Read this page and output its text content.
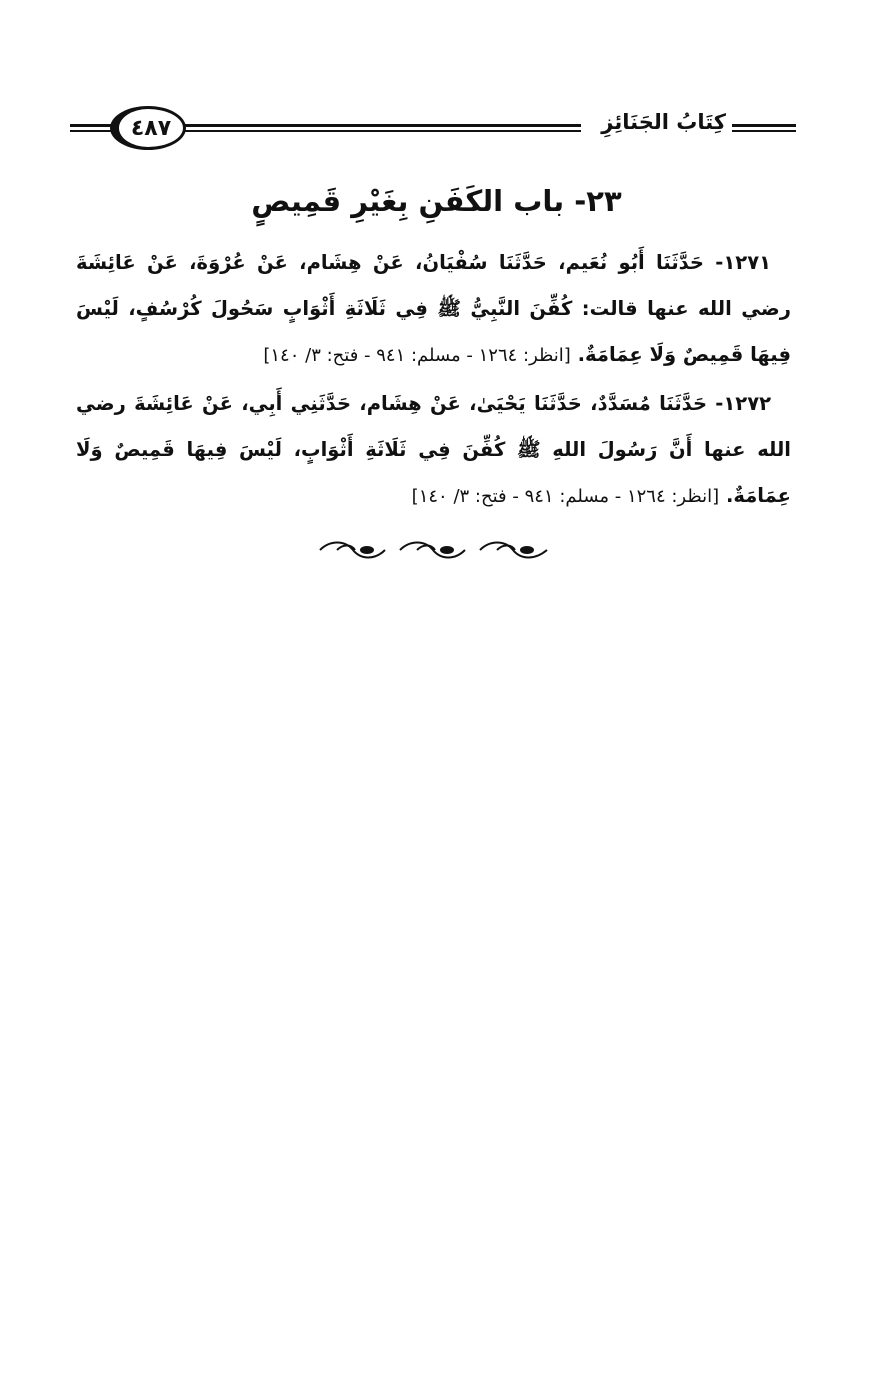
كِتَابُ الجَنَائِزِ
٤٨٧
٢٣- باب الكَفَنِ بِغَيْرِ قَمِيصٍ

١٢٧١- حَدَّثَنَا أَبُو نُعَيم، حَدَّثَنَا سُفْيَانُ، عَنْ هِشَام، عَنْ عُرْوَةَ، عَنْ عَائِشَةَ رضي الله عنها قالت: كُفِّنَ النَّبِيُّ ﷺ فِي ثَلَاثَةِ أَثْوَابٍ سَحُولَ كُرْسُفٍ، لَيْسَ فِيهَا قَمِيصٌ وَلَا عِمَامَةٌ. [انظر: ١٢٦٤ - مسلم: ٩٤١ - فتح: ٣/ ١٤٠]

١٢٧٢- حَدَّثَنَا مُسَدَّدٌ، حَدَّثَنَا يَحْيَىٰ، عَنْ هِشَام، حَدَّثَنِي أَبِي، عَنْ عَائِشَةَ رضي الله عنها أَنَّ رَسُولَ اللهِ ﷺ كُفِّنَ فِي ثَلَاثَةِ أَثْوَابٍ، لَيْسَ فِيهَا قَمِيصٌ وَلَا عِمَامَةٌ. [انظر: ١٢٦٤ - مسلم: ٩٤١ - فتح: ٣/ ١٤٠]
